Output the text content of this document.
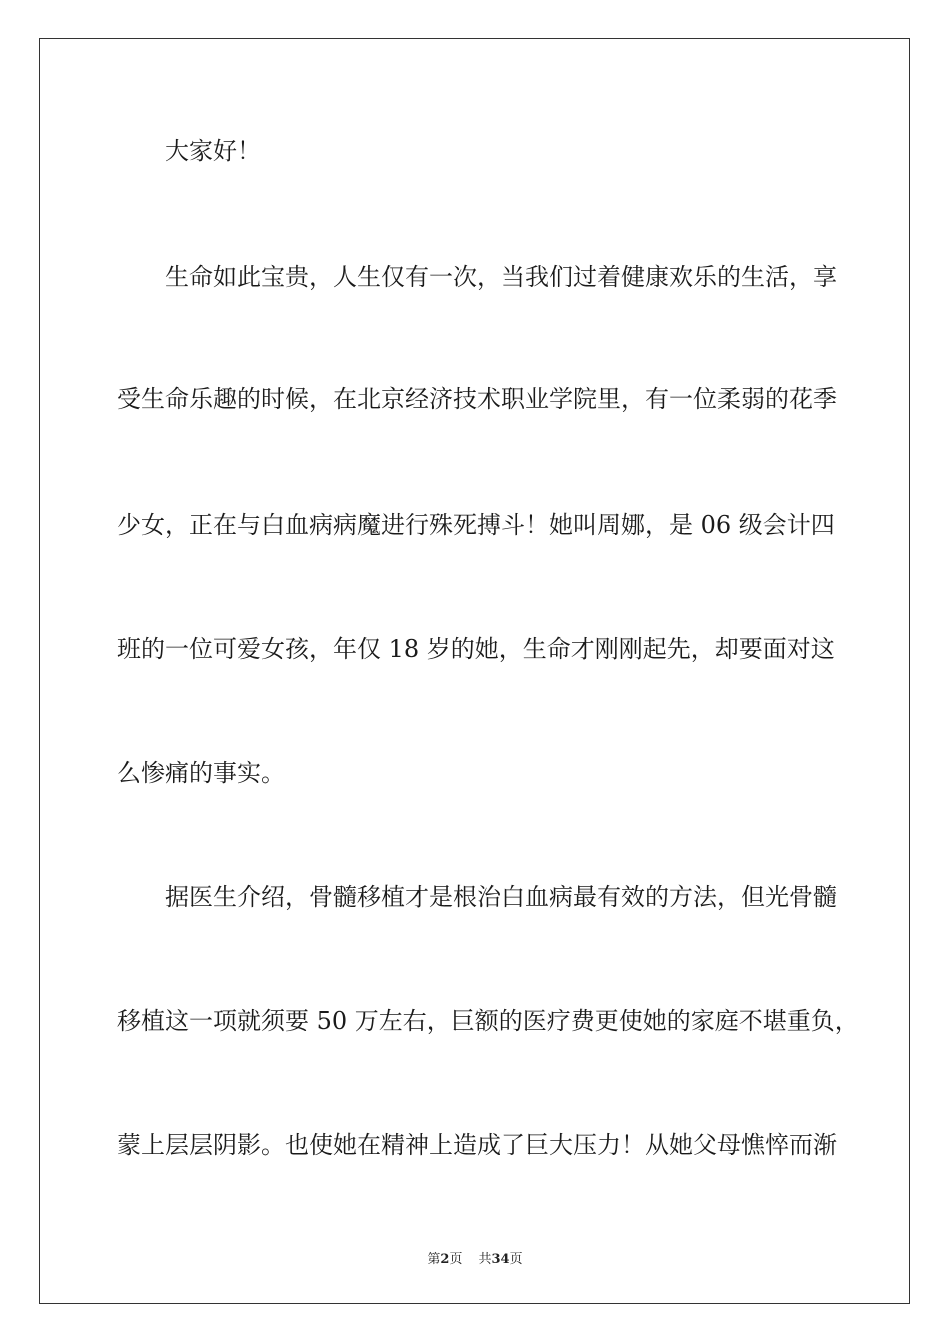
大家好！

生命如此宝贵，人生仅有一次，当我们过着健康欢乐的生活，享

受生命乐趣的时候，在北京经济技术职业学院里，有一位柔弱的花季

少女，正在与白血病病魔进行殊死搏斗！她叫周娜，是 06 级会计四

班的一位可爱女孩，年仅 18 岁的她，生命才刚刚起先，却要面对这

么惨痛的事实。

据医生介绍，骨髓移植才是根治白血病最有效的方法，但光骨髓

移植这一项就须要 50 万左右，巨额的医疗费更使她的家庭不堪重负，

蒙上层层阴影。也使她在精神上造成了巨大压力！从她父母憔悴而渐

第2页 共34页
